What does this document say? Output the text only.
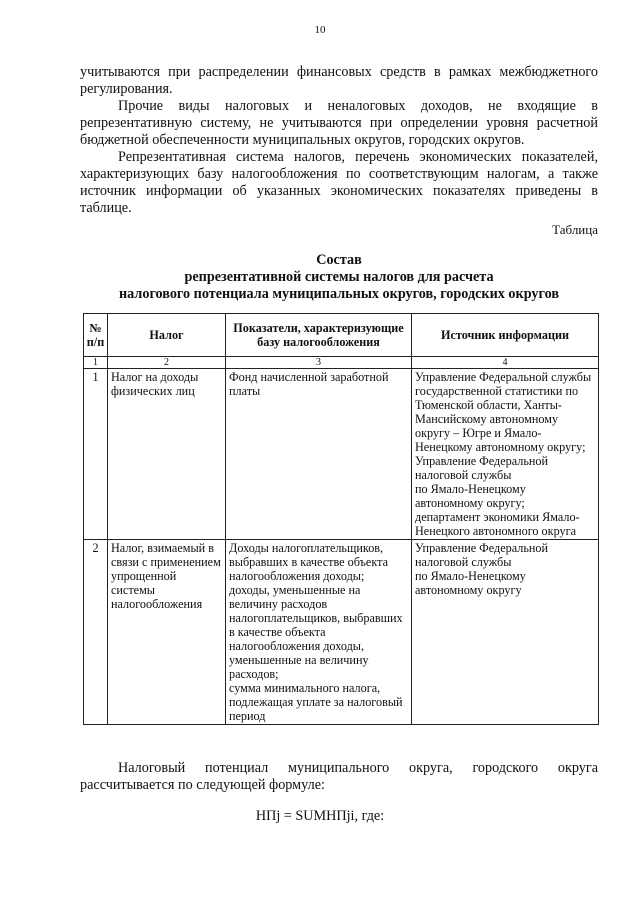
10

учитываются при распределении финансовых средств в рамках межбюджетного регулирования.

Прочие виды налоговых и неналоговых доходов, не входящие в репрезентативную систему, не учитываются при определении уровня расчетной бюджетной обеспеченности муниципальных округов, городских округов.

Репрезентативная система налогов, перечень экономических показателей, характеризующих базу налогообложения по соответствующим налогам, а также источник информации об указанных экономических показателях приведены в таблице.

Таблица
Состав
репрезентативной системы налогов для расчета
налогового потенциала муниципальных округов, городских округов
№
п/п	Налог	Показатели, характеризующие базу налогообложения	Источник информации
1	2	3	4
1	Налог на доходы физических лиц	Фонд начисленной заработной платы	Управление Федеральной службы государственной статистики по Тюменской области, Ханты-Мансийскому автономному округу – Югре и Ямало-Ненецкому автономному округу;
Управление Федеральной налоговой службы
по Ямало-Ненецкому автономному округу;
департамент экономики Ямало-Ненецкого автономного округа
2	Налог, взимаемый в связи с применением упрощенной системы налогообложения	Доходы налогоплательщиков, выбравших в качестве объекта налогообложения доходы;
доходы, уменьшенные на величину расходов налогоплательщиков, выбравших в качестве объекта налогообложения доходы, уменьшенные на величину расходов;
сумма минимального налога, подлежащая уплате за налоговый период	Управление Федеральной налоговой службы
по Ямало-Ненецкому автономному округу

Налоговый потенциал муниципального округа, городского округа рассчитывается по следующей формуле:

НПj = SUMНПji, где:
